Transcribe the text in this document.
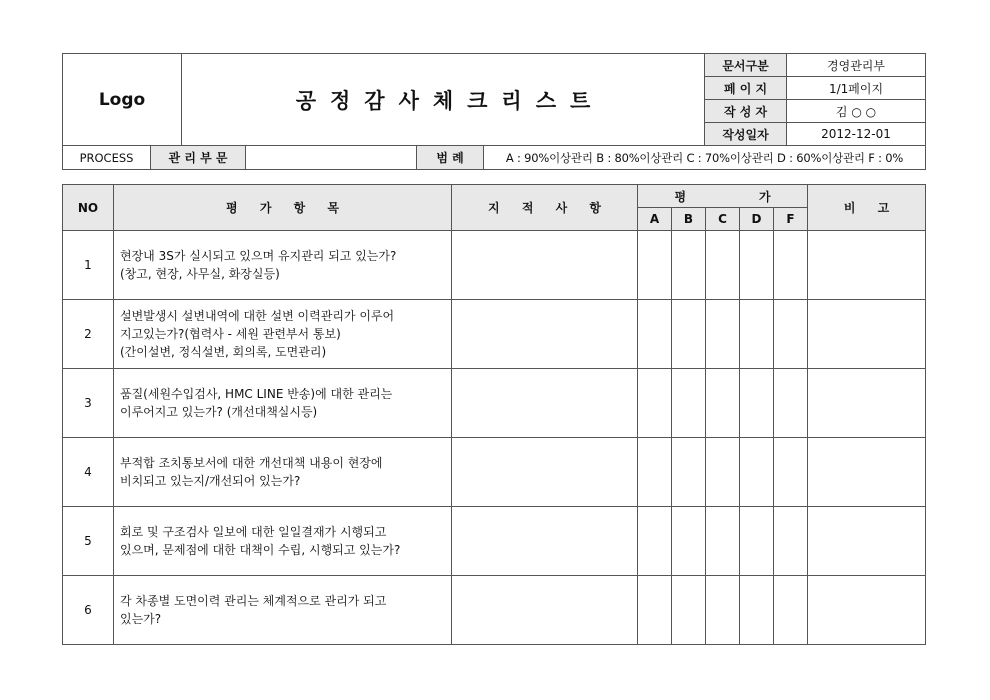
Logo		공정감사체크리스트				문서구분	경영관리부
						페 이 지	1/1페이지
						작 성 자	김 ○ ○
						작성일자	2012-12-01
PROCESS	관 리 부 문			범 례	A : 90%이상관리 B : 80%이상관리 C : 70%이상관리 D : 60%이상관리 F : 0%		
NO	평 가 항 목	지 적 사 항	평 가					비 고
			A	B	C	D	F	
1	현장내 3S가 실시되고 있으며 유지관리 되고 있는가?
(창고, 현장, 사무실, 화장실등)							

2	설변발생시 설변내역에 대한 설변 이력관리가 이루어
지고있는가?(협력사 - 세원 관련부서 통보)
(간이설변, 정식설변, 회의록, 도면관리)							

3	품질(세원수입검사, HMC LINE 반송)에 대한 관리는
이루어지고 있는가? (개선대책실시등)							

4	부적합 조치통보서에 대한 개선대책 내용이 현장에
비치되고 있는지/개선되어 있는가?							

5	회로 및 구조검사 일보에 대한 일일결재가 시행되고
있으며, 문제점에 대한 대책이 수립, 시행되고 있는가?							

6	각 차종별 도면이력 관리는 체계적으로 관리가 되고
있는가?							
